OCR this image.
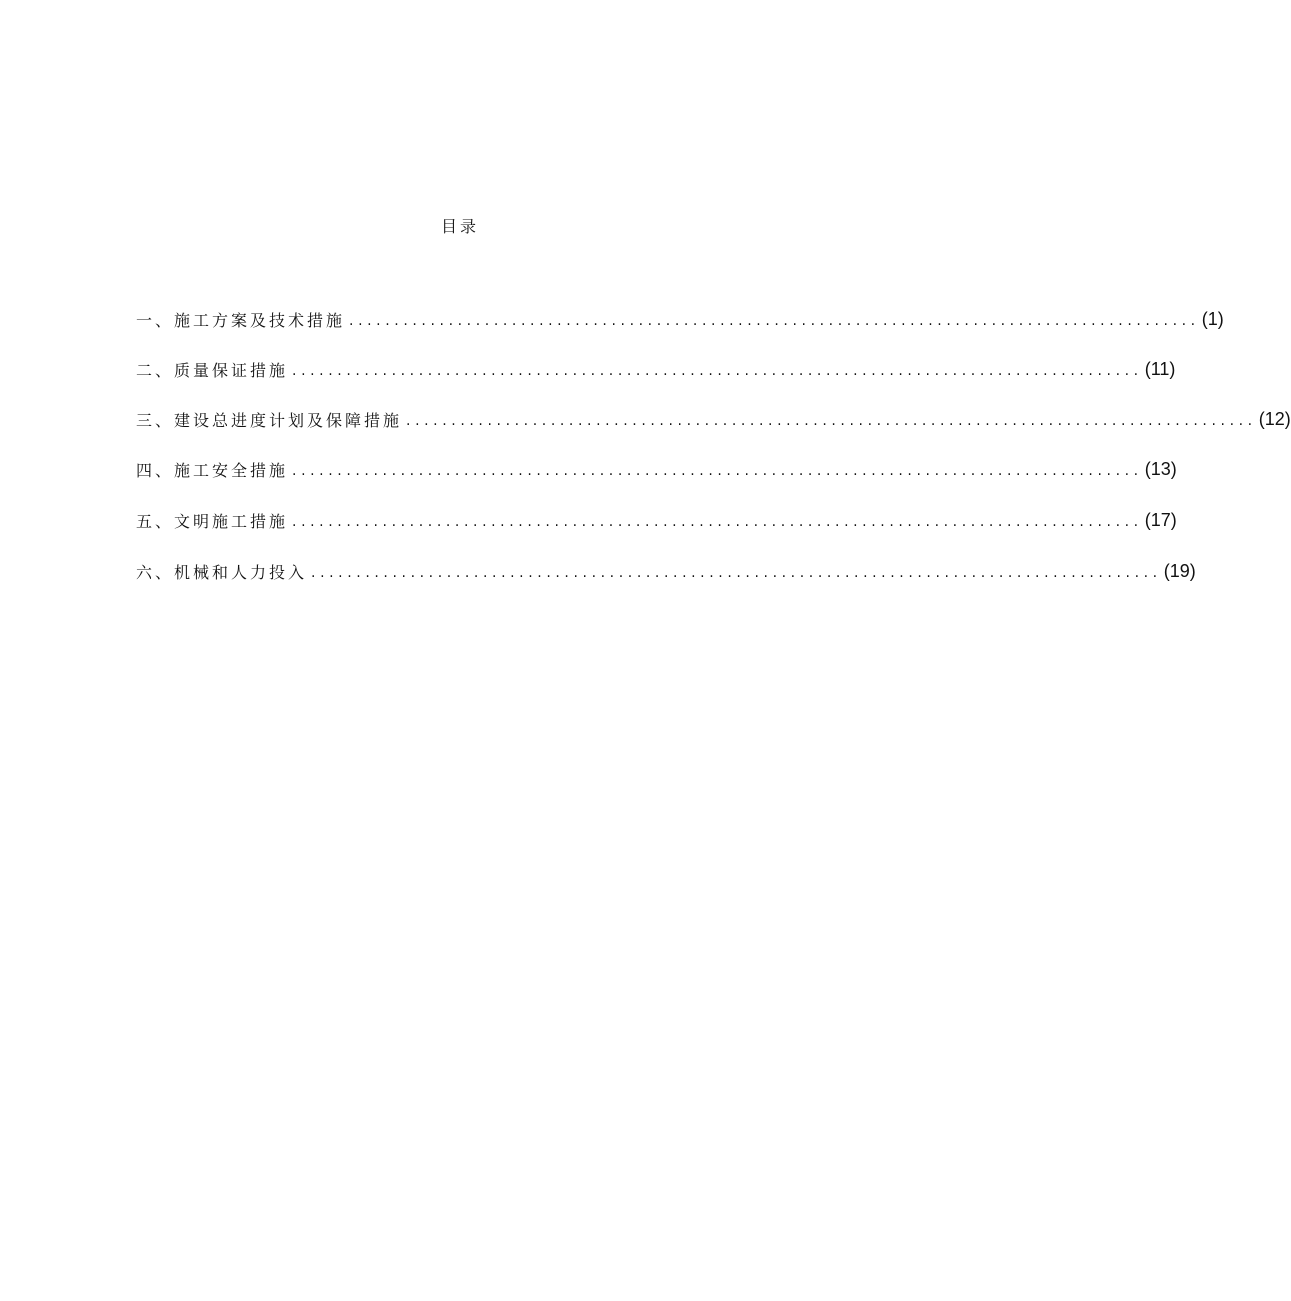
目录
一、施工方案及技术措施 .............................................................................................. (1)
二、质量保证措施 .............................................................................................. (11)
三、建设总进度计划及保障措施 .............................................................................................. (12)
四、施工安全措施 .............................................................................................. (13)
五、文明施工措施 .............................................................................................. (17)
六、机械和人力投入 .............................................................................................. (19)
